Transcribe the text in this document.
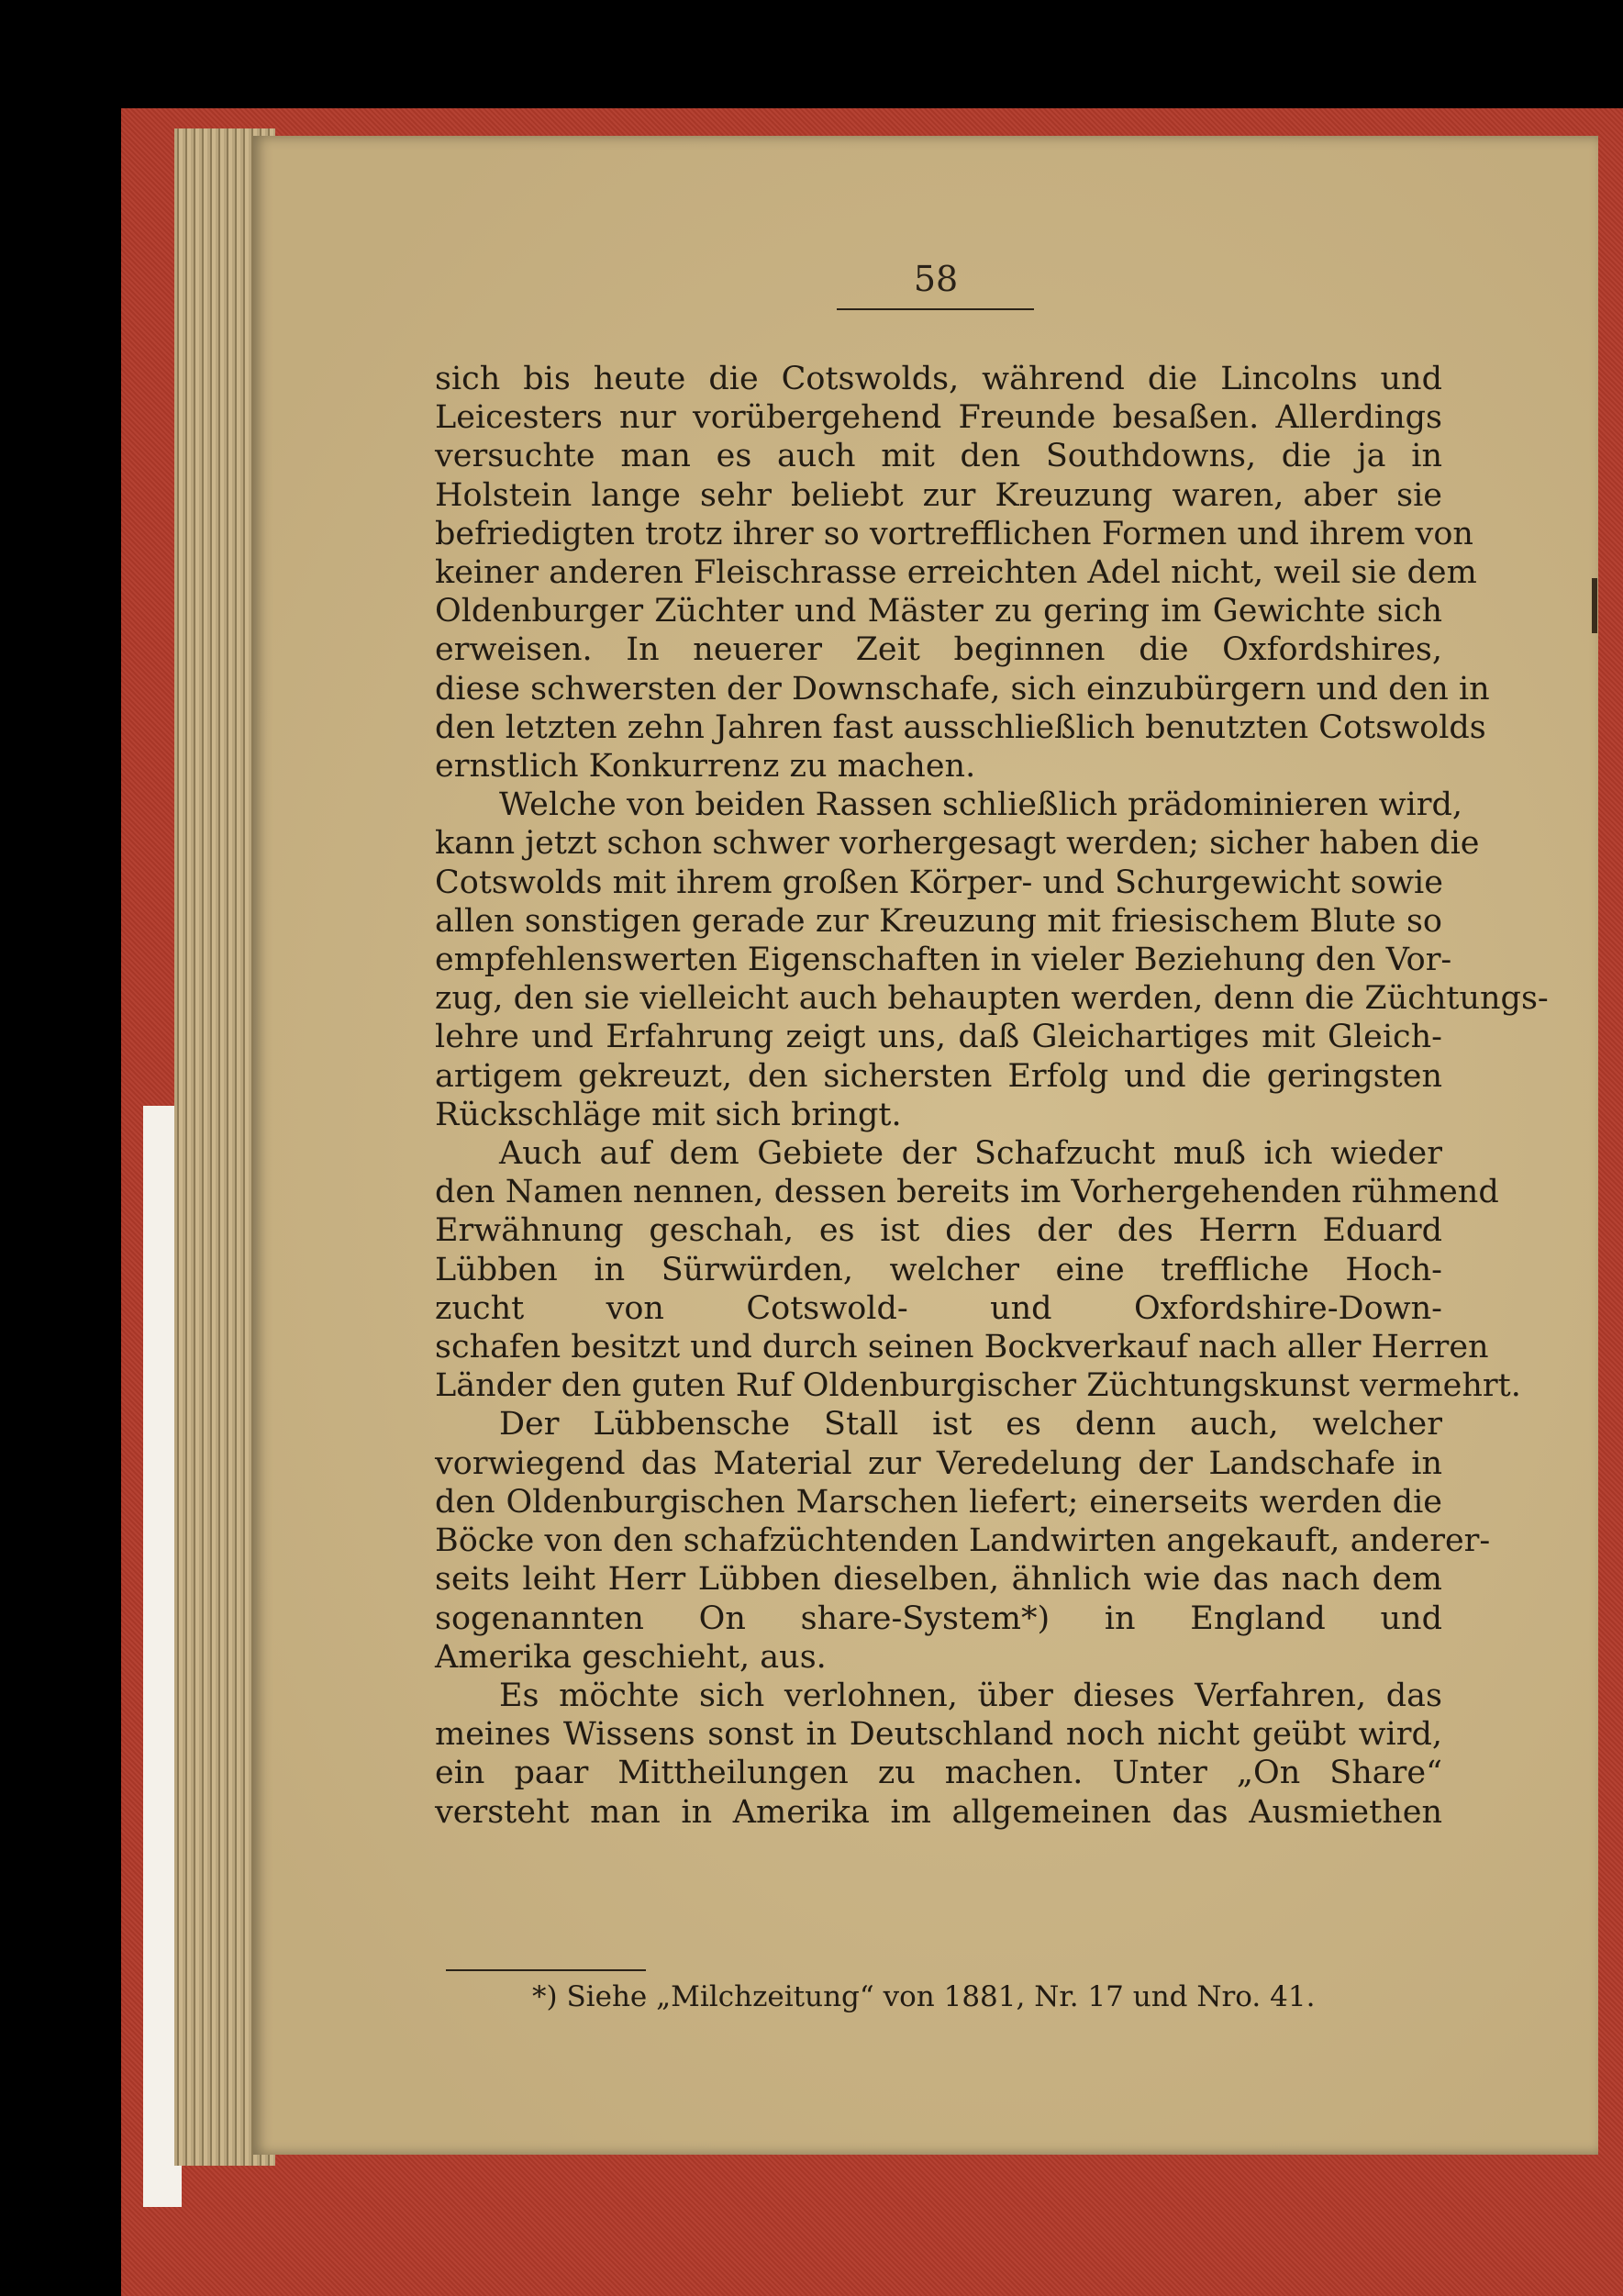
58
sich bis heute die Cotswolds, während die Lincolns und
Leicesters nur vorübergehend Freunde besaßen. Allerdings
versuchte man es auch mit den Southdowns, die ja in
Holstein lange sehr beliebt zur Kreuzung waren, aber sie
befriedigten trotz ihrer so vortrefflichen Formen und ihrem von
keiner anderen Fleischrasse erreichten Adel nicht, weil sie dem
Oldenburger Züchter und Mäster zu gering im Gewichte sich
erweisen. In neuerer Zeit beginnen die Oxfordshires,
diese schwersten der Downschafe, sich einzubürgern und den in
den letzten zehn Jahren fast ausschließlich benutzten Cotswolds
ernstlich Konkurrenz zu machen.
Welche von beiden Rassen schließlich prädominieren wird,
kann jetzt schon schwer vorhergesagt werden; sicher haben die
Cotswolds mit ihrem großen Körper- und Schurgewicht sowie
allen sonstigen gerade zur Kreuzung mit friesischem Blute so
empfehlenswerten Eigenschaften in vieler Beziehung den Vor-
zug, den sie vielleicht auch behaupten werden, denn die Züchtungs-
lehre und Erfahrung zeigt uns, daß Gleichartiges mit Gleich-
artigem gekreuzt, den sichersten Erfolg und die geringsten
Rückschläge mit sich bringt.
Auch auf dem Gebiete der Schafzucht muß ich wieder
den Namen nennen, dessen bereits im Vorhergehenden rühmend
Erwähnung geschah, es ist dies der des Herrn Eduard
Lübben in Sürwürden, welcher eine treffliche Hoch-
zucht von Cotswold- und Oxfordshire-Down-
schafen besitzt und durch seinen Bockverkauf nach aller Herren
Länder den guten Ruf Oldenburgischer Züchtungskunst vermehrt.
Der Lübbensche Stall ist es denn auch, welcher
vorwiegend das Material zur Veredelung der Landschafe in
den Oldenburgischen Marschen liefert; einerseits werden die
Böcke von den schafzüchtenden Landwirten angekauft, anderer-
seits leiht Herr Lübben dieselben, ähnlich wie das nach dem
sogenannten On share-System*) in England und
Amerika geschieht, aus.
Es möchte sich verlohnen, über dieses Verfahren, das
meines Wissens sonst in Deutschland noch nicht geübt wird,
ein paar Mittheilungen zu machen. Unter „On Share“
versteht man in Amerika im allgemeinen das Ausmiethen
*) Siehe „Milchzeitung“ von 1881, Nr. 17 und Nro. 41.
